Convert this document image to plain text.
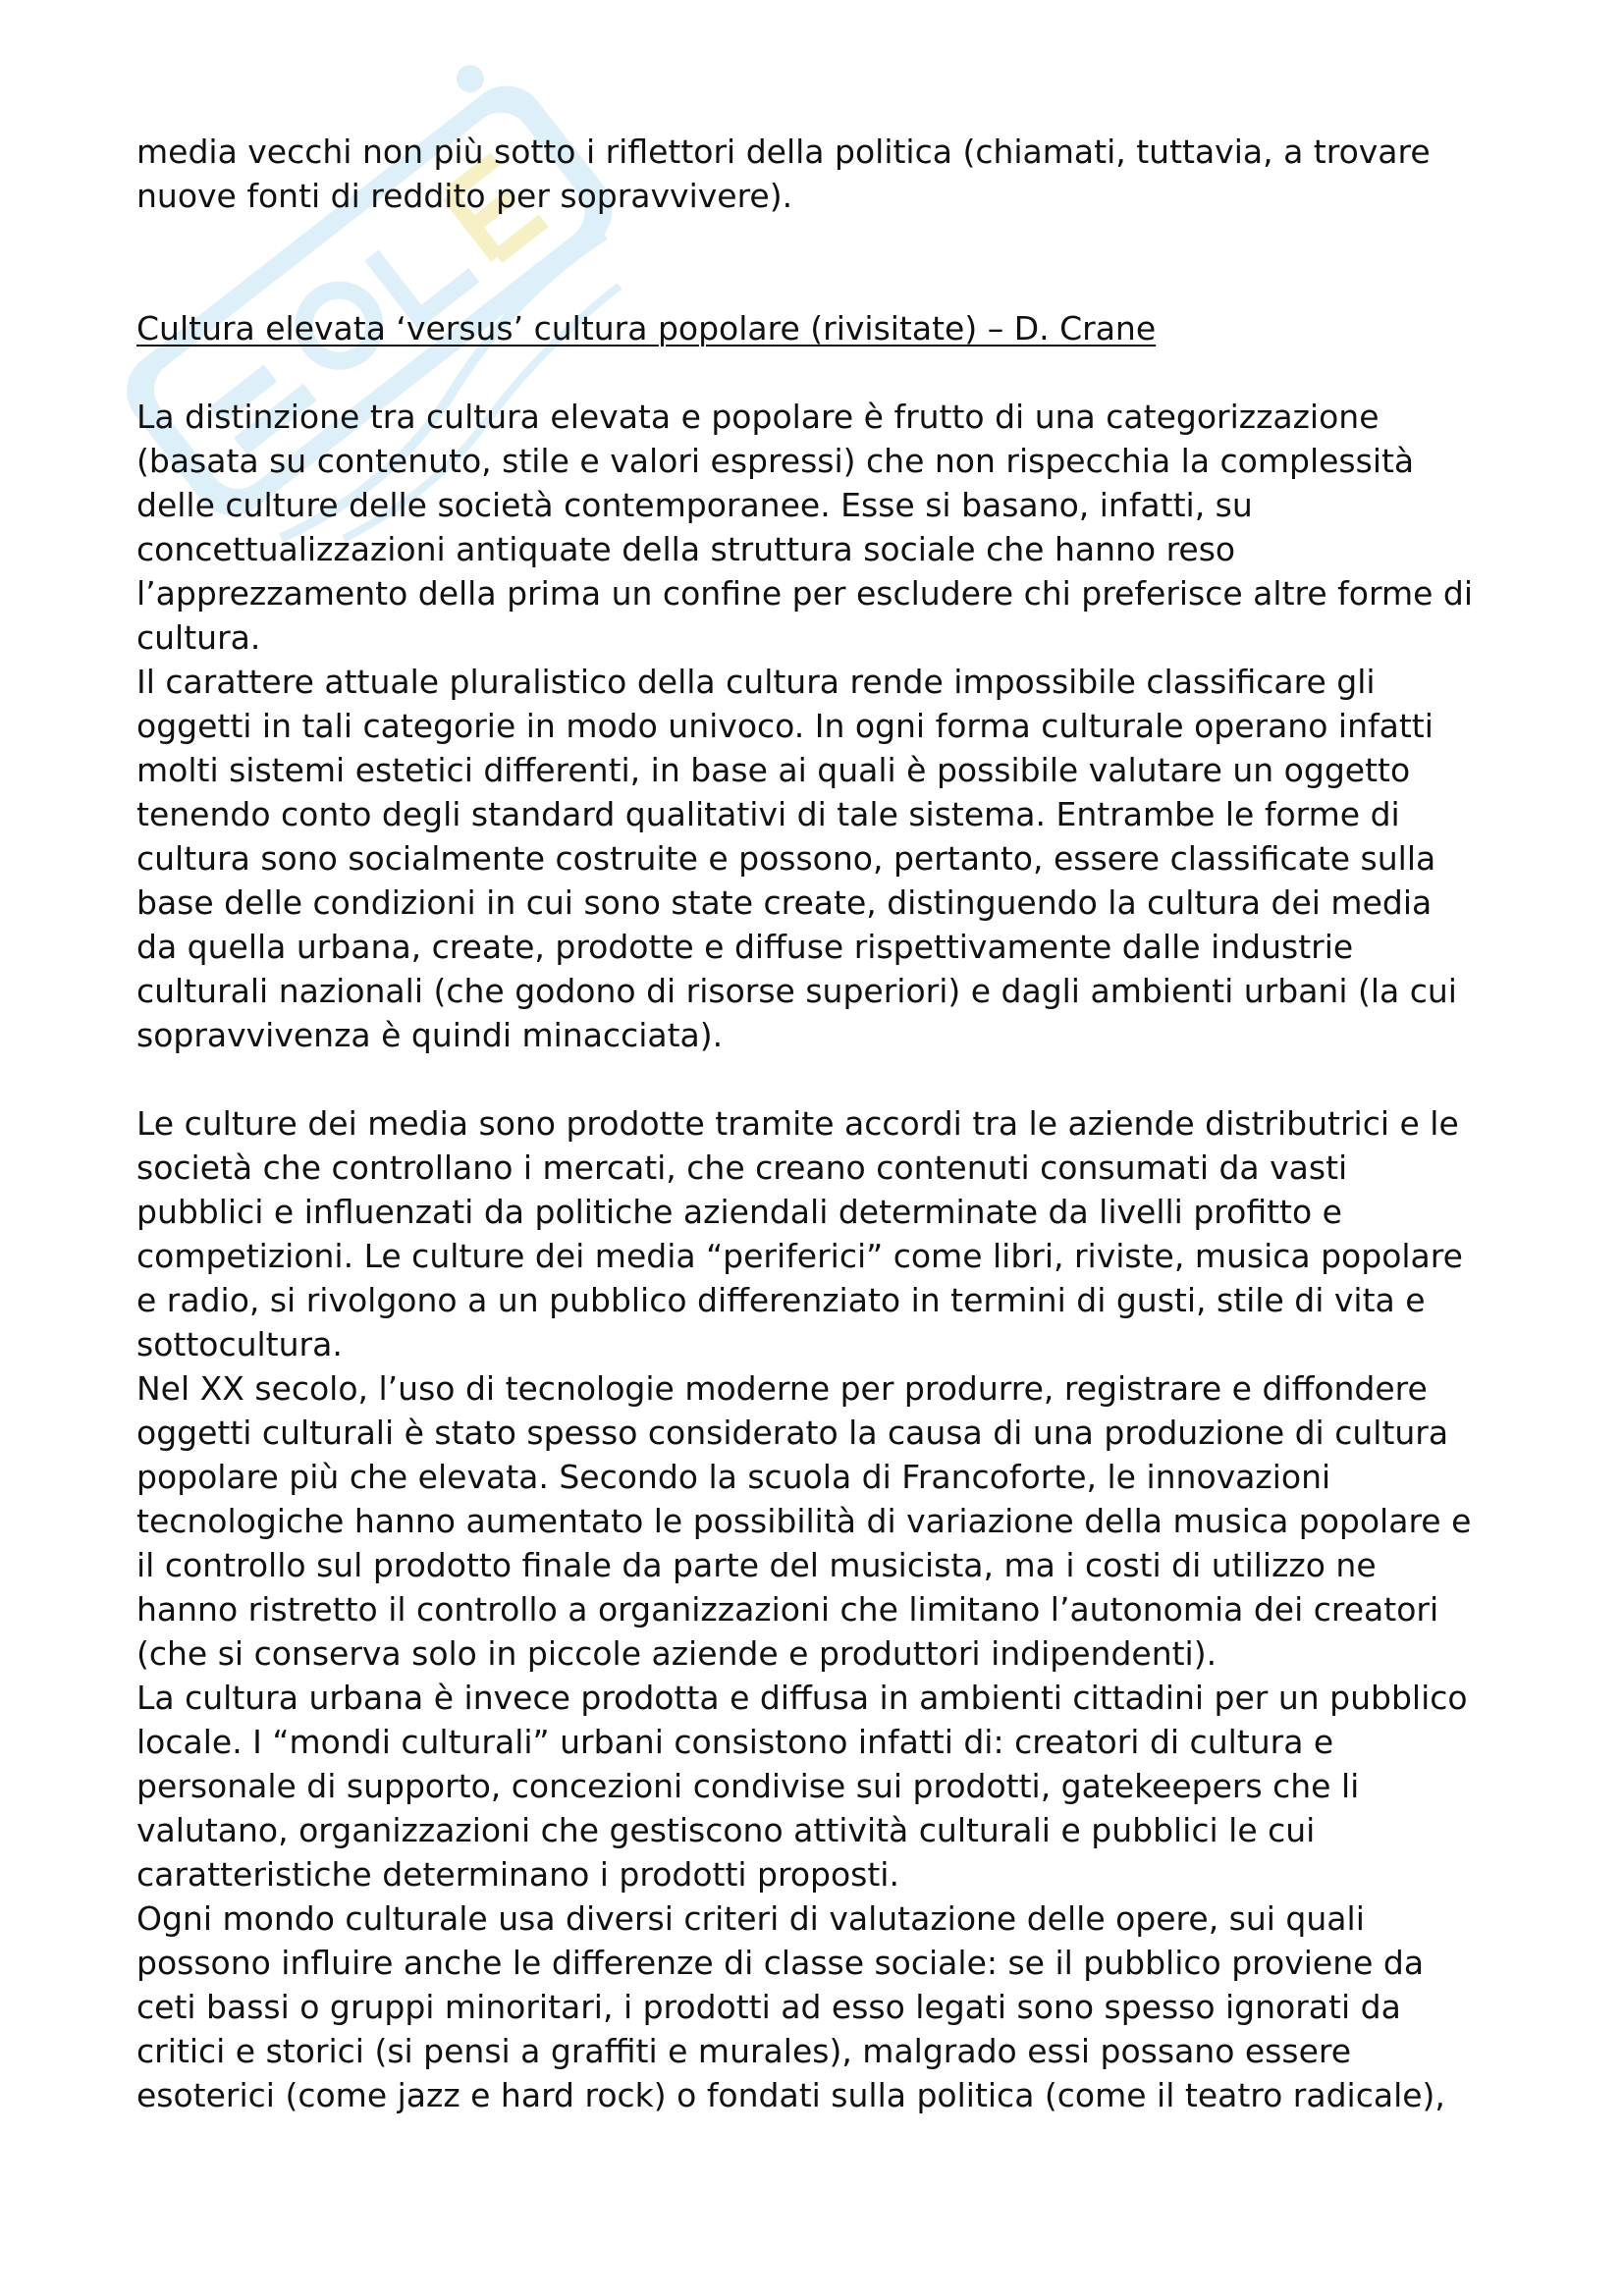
media vecchi non più sotto i riflettori della politica (chiamati, tuttavia, a trovare
nuove fonti di reddito per sopravvivere).
Cultura elevata ‘versus’ cultura popolare (rivisitate) – D. Crane
La distinzione tra cultura elevata e popolare è frutto di una categorizzazione
(basata su contenuto, stile e valori espressi) che non rispecchia la complessità
delle culture delle società contemporanee. Esse si basano, infatti, su
concettualizzazioni antiquate della struttura sociale che hanno reso
l’apprezzamento della prima un confine per escludere chi preferisce altre forme di
cultura.
Il carattere attuale pluralistico della cultura rende impossibile classificare gli
oggetti in tali categorie in modo univoco. In ogni forma culturale operano infatti
molti sistemi estetici differenti, in base ai quali è possibile valutare un oggetto
tenendo conto degli standard qualitativi di tale sistema. Entrambe le forme di
cultura sono socialmente costruite e possono, pertanto, essere classificate sulla
base delle condizioni in cui sono state create, distinguendo la cultura dei media
da quella urbana, create, prodotte e diffuse rispettivamente dalle industrie
culturali nazionali (che godono di risorse superiori) e dagli ambienti urbani (la cui
sopravvivenza è quindi minacciata).
Le culture dei media sono prodotte tramite accordi tra le aziende distributrici e le
società che controllano i mercati, che creano contenuti consumati da vasti
pubblici e influenzati da politiche aziendali determinate da livelli profitto e
competizioni. Le culture dei media “periferici” come libri, riviste, musica popolare
e radio, si rivolgono a un pubblico differenziato in termini di gusti, stile di vita e
sottocultura.
Nel XX secolo, l’uso di tecnologie moderne per produrre, registrare e diffondere
oggetti culturali è stato spesso considerato la causa di una produzione di cultura
popolare più che elevata. Secondo la scuola di Francoforte, le innovazioni
tecnologiche hanno aumentato le possibilità di variazione della musica popolare e
il controllo sul prodotto finale da parte del musicista, ma i costi di utilizzo ne
hanno ristretto il controllo a organizzazioni che limitano l’autonomia dei creatori
(che si conserva solo in piccole aziende e produttori indipendenti).
La cultura urbana è invece prodotta e diffusa in ambienti cittadini per un pubblico
locale. I “mondi culturali” urbani consistono infatti di: creatori di cultura e
personale di supporto, concezioni condivise sui prodotti, gatekeepers che li
valutano, organizzazioni che gestiscono attività culturali e pubblici le cui
caratteristiche determinano i prodotti proposti.
Ogni mondo culturale usa diversi criteri di valutazione delle opere, sui quali
possono influire anche le differenze di classe sociale: se il pubblico proviene da
ceti bassi o gruppi minoritari, i prodotti ad esso legati sono spesso ignorati da
critici e storici (si pensi a graffiti e murales), malgrado essi possano essere
esoterici (come jazz e hard rock) o fondati sulla politica (come il teatro radicale),
